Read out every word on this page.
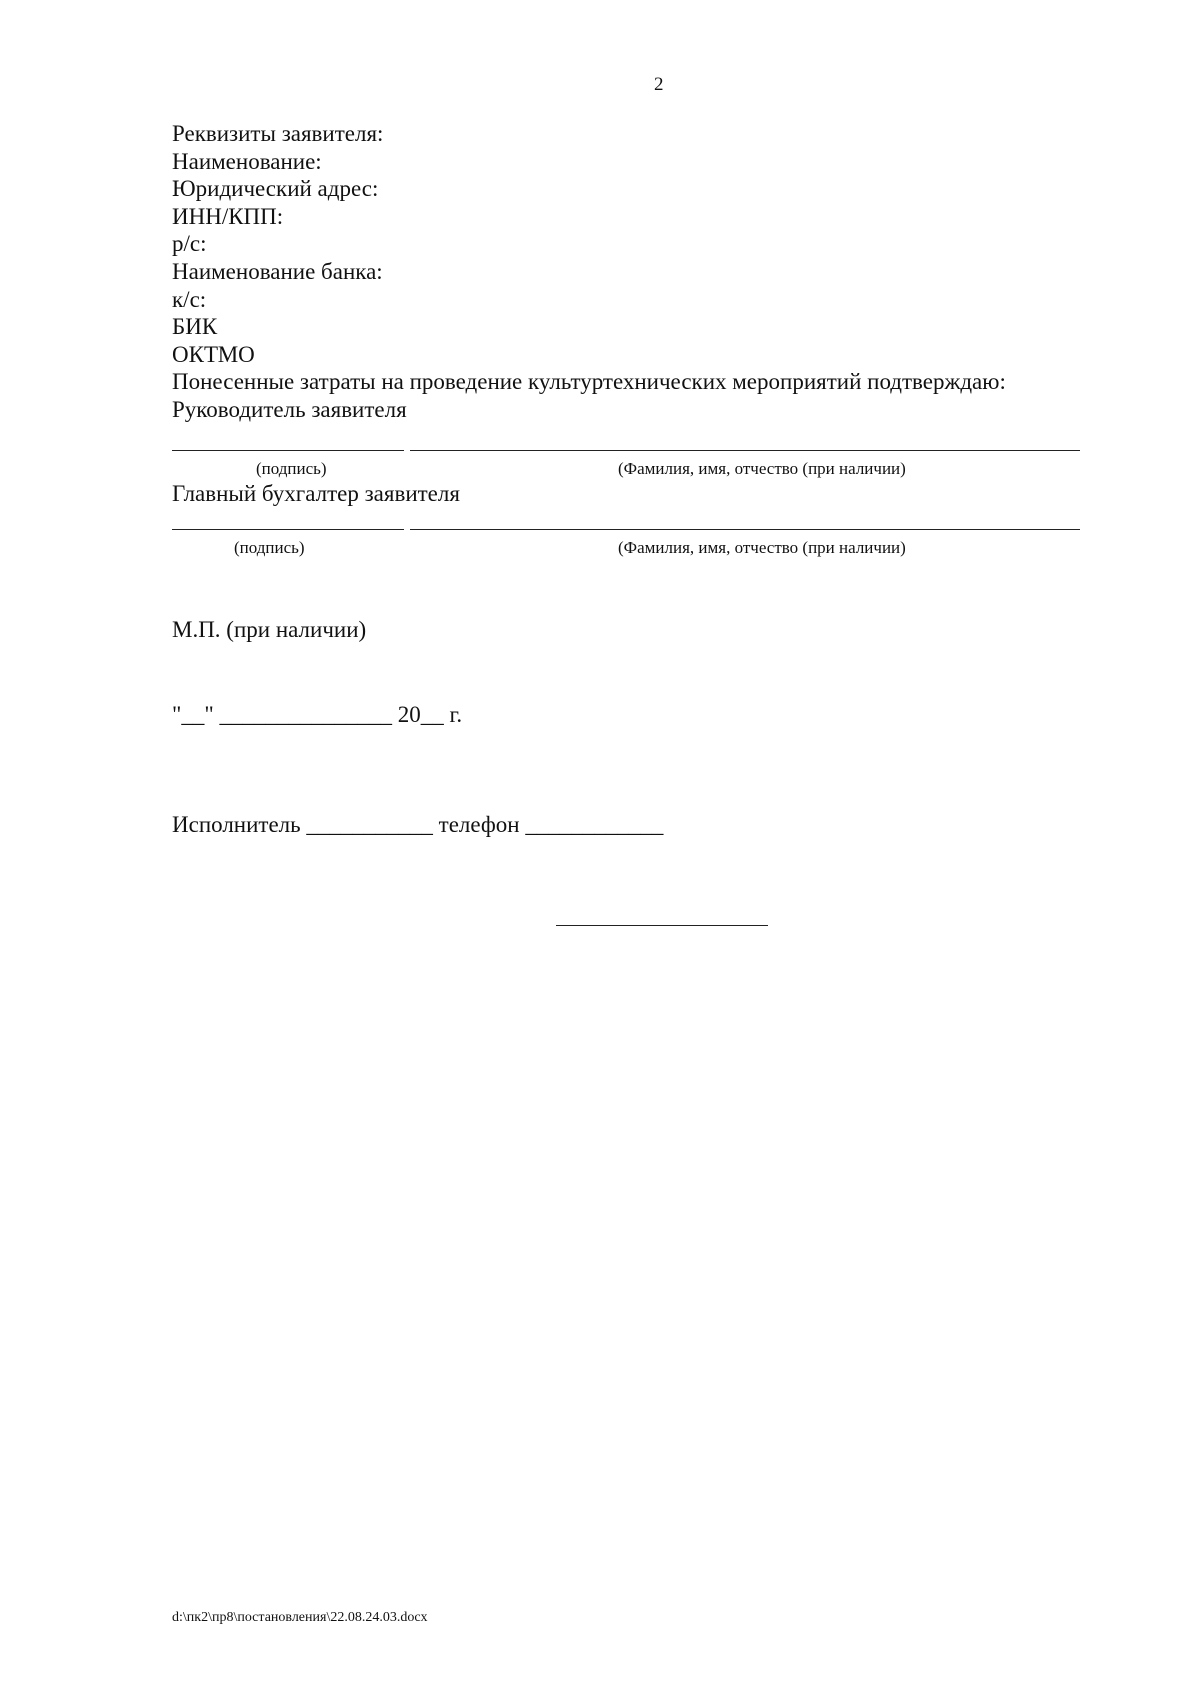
2
Реквизиты заявителя:
Наименование:
Юридический адрес:
ИНН/КПП:
р/с:
Наименование банка:
к/с:
БИК
ОКТМО
Понесенные затраты на проведение культуртехнических мероприятий подтверждаю:
Руководитель заявителя
(подпись)	(Фамилия, имя, отчество (при наличии)
Главный бухгалтер заявителя
(подпись)	(Фамилия, имя, отчество (при наличии)
М.П. (при наличии)
"__" _______________ 20__ г.
Исполнитель ___________ телефон ____________
d:\пк2\пр8\постановления\22.08.24.03.docx
